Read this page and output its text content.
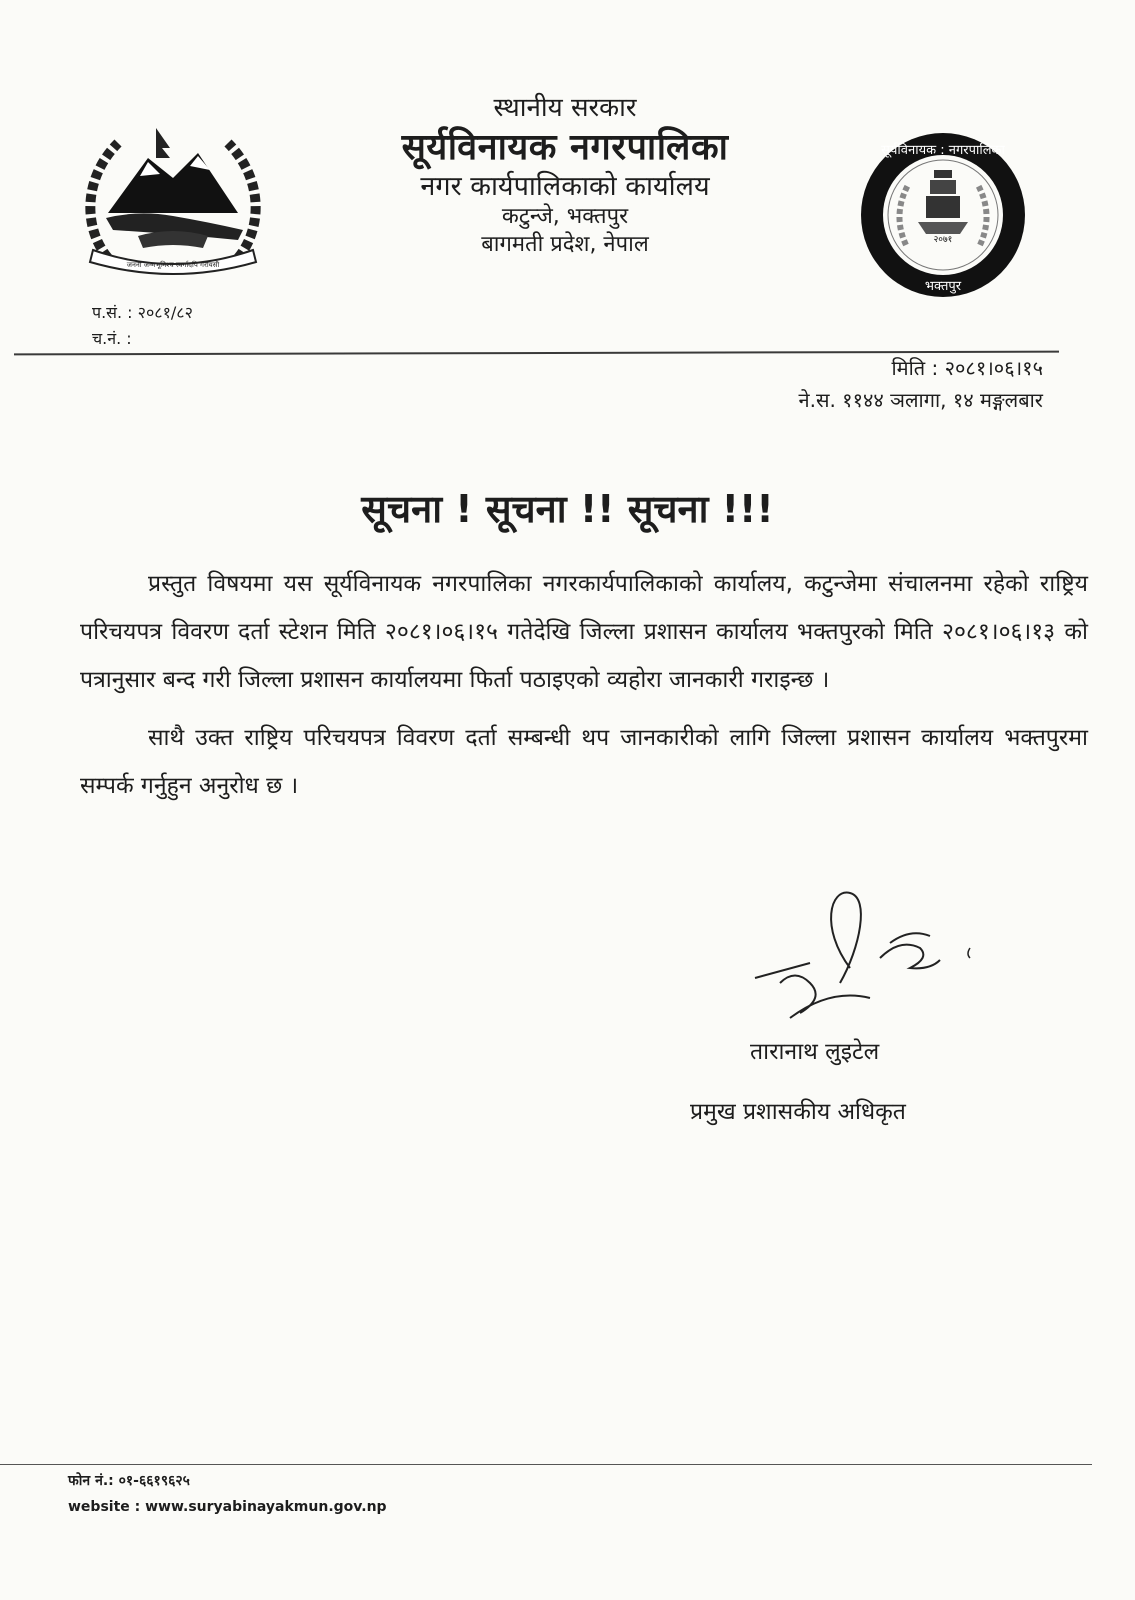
जननी जन्मभूमिश्च स्वर्गादपि गरीयसी
स्थानीय सरकार
सूर्यविनायक नगरपालिका
नगर कार्यपालिकाको कार्यालय
कटुन्जे, भक्तपुर
बागमती प्रदेश, नेपाल	२०७१
सूर्यविनायक : नगरपालिका
भक्तपुर
प.सं. : २०८१/८२
च.नं. :
मिति : २०८१।०६।१५
ने.स. ११४४ ञलागा, १४ मङ्गलबार
सूचना ! सूचना !! सूचना !!!

प्रस्तुत विषयमा यस सूर्यविनायक नगरपालिका नगरकार्यपालिकाको कार्यालय, कटुन्जेमा संचालनमा रहेको राष्ट्रिय परिचयपत्र विवरण दर्ता स्टेशन मिति २०८१।०६।१५ गतेदेखि जिल्ला प्रशासन कार्यालय भक्तपुरको मिति २०८१।०६।१३ को पत्रानुसार बन्द गरी जिल्ला प्रशासन कार्यालयमा फिर्ता पठाइएको व्यहोरा जानकारी गराइन्छ ।

साथै उक्त राष्ट्रिय परिचयपत्र विवरण दर्ता सम्बन्धी थप जानकारीको लागि जिल्ला प्रशासन कार्यालय भक्तपुरमा सम्पर्क गर्नुहुन अनुरोध छ ।

तारानाथ लुइटेल
प्रमुख प्रशासकीय अधिकृत
फोन नं.: ०१-६६१९६२५
website : www.suryabinayakmun.gov.np
